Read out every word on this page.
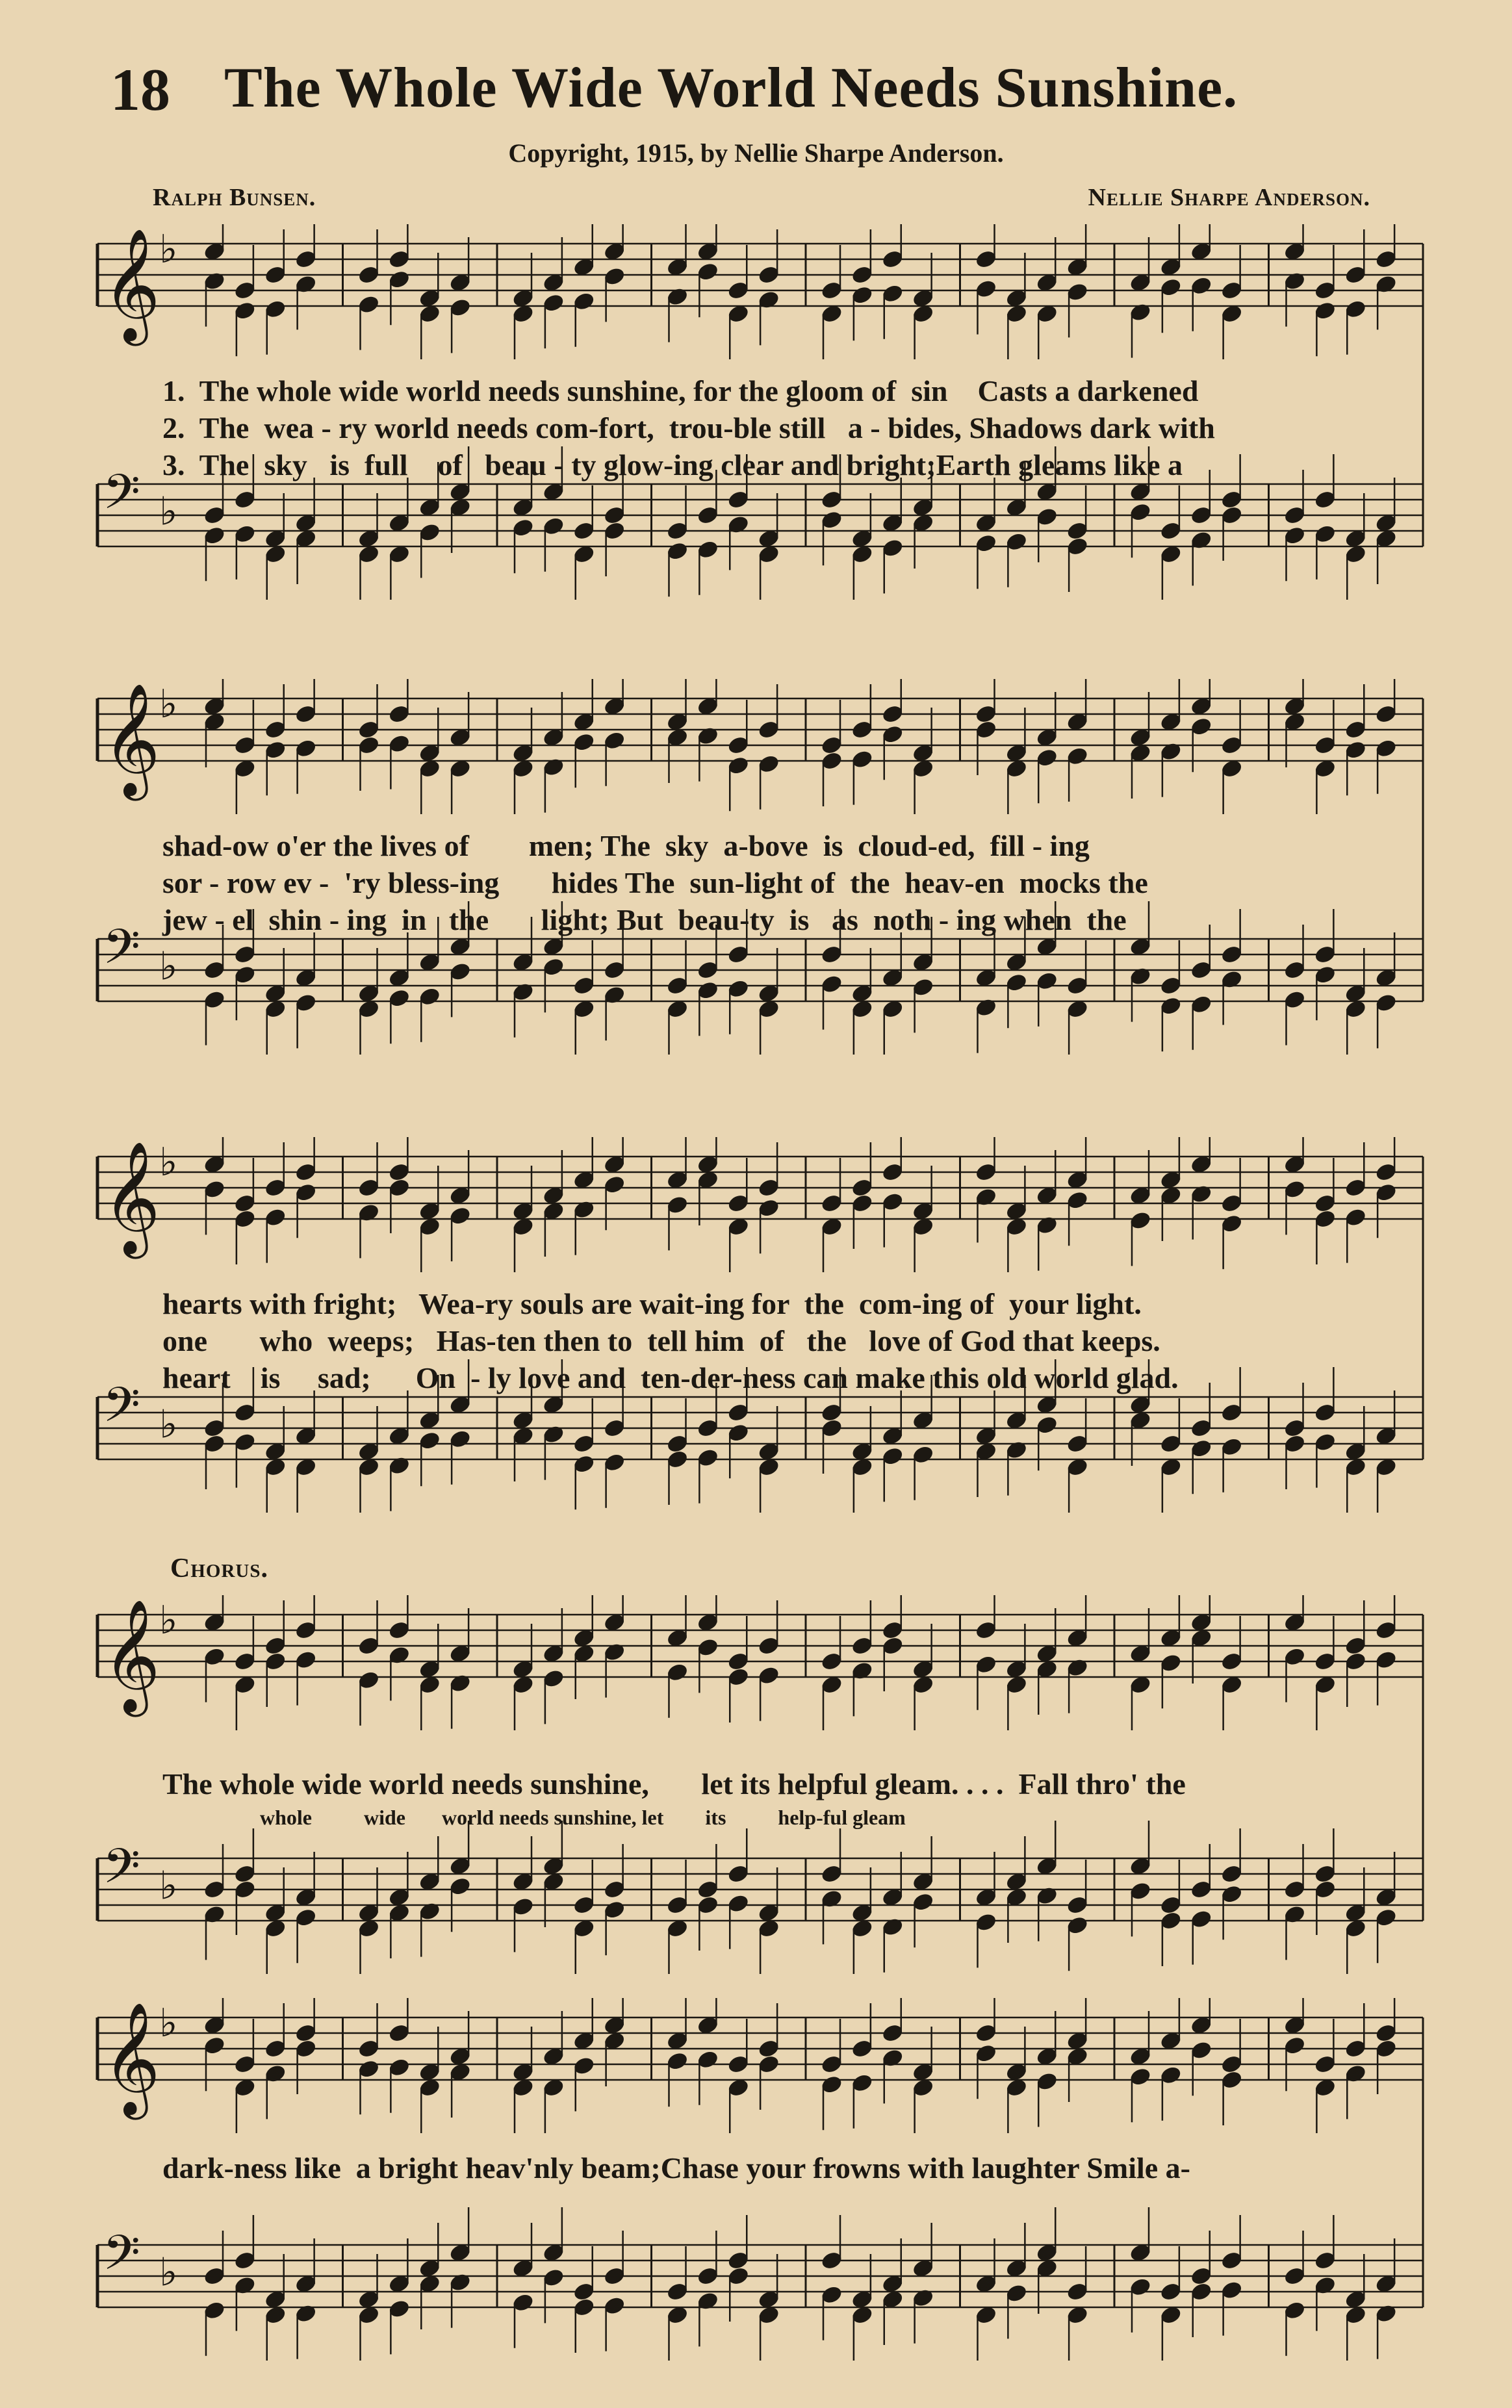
18 The Whole Wide World Needs Sunshine.
Copyright, 1915, by Nellie Sharpe Anderson.
Ralph Bunsen.	Nellie Sharpe Anderson.
𝄞
♭
𝄢 ♭
1.  The whole wide world needs sunshine, for the gloom of  sin    Casts a darkened
2.  The  wea - ry world needs com-fort,  trou-ble still   a - bides, Shadows dark with
3.  The  sky   is  full    of   beau - ty glow-ing clear and bright;Earth gleams like a
𝄞
♭
𝄢 ♭
shad-ow o'er the lives of        men; The  sky  a-bove  is  cloud-ed,  fill - ing
sor - row ev -  'ry bless-ing       hides The  sun-light of  the  heav-en  mocks the
jew - el  shin - ing  in   the       light; But  beau-ty  is   as  noth - ing when  the
𝄞
♭
𝄢 ♭
hearts with fright;   Wea-ry souls are wait-ing for  the  com-ing of  your light.
one       who  weeps;   Has-ten then to  tell him  of   the   love of God that keeps.
heart    is     sad;      On  - ly love and  ten-der-ness can make this old world glad.
Chorus.
𝄞
♭
𝄢 ♭
The whole wide world needs sunshine,       let its helpful gleam. . . .  Fall thro' the
whole          wide       world needs sunshine, let        its          help-ful gleam
𝄞
♭
𝄢 ♭
dark-ness like  a bright heav'nly beam;Chase your frowns with laughter Smile a-
